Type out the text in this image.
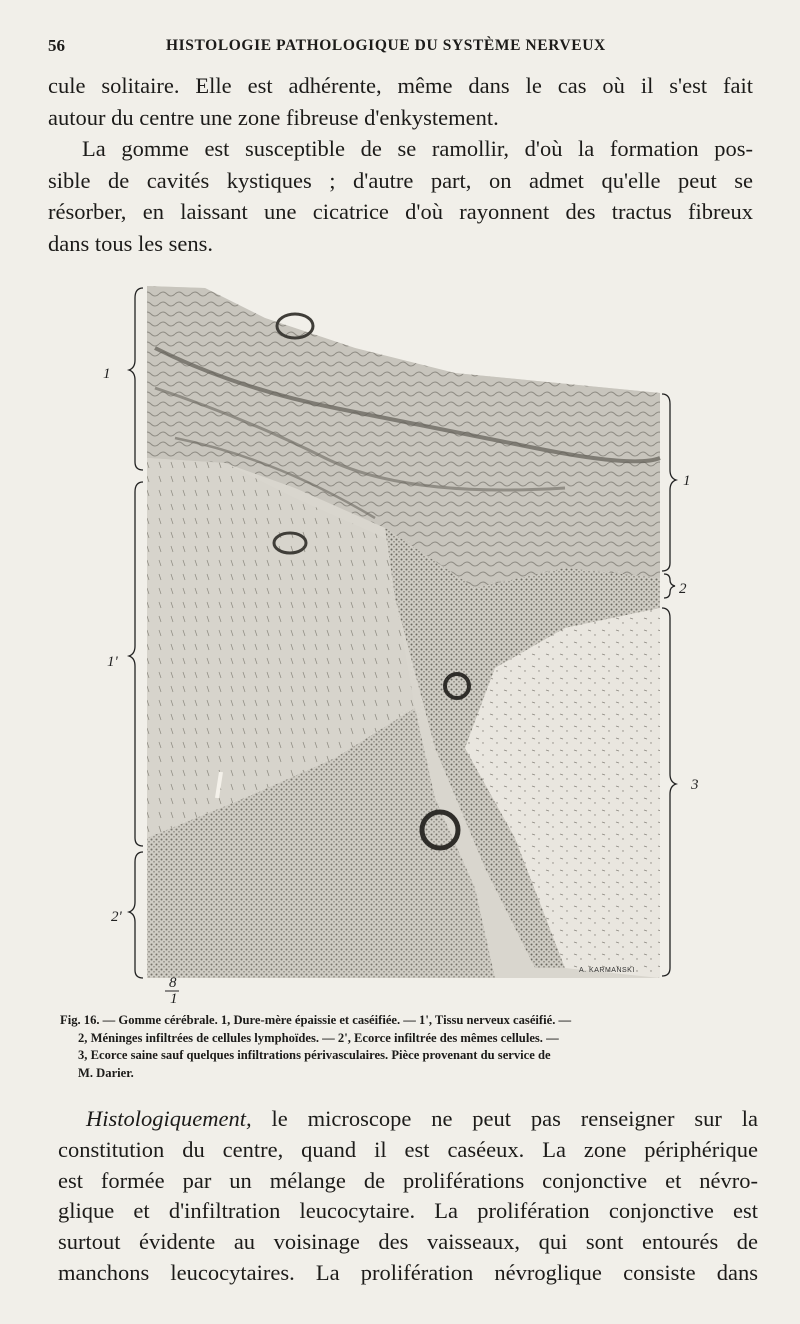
56	HISTOLOGIE PATHOLOGIQUE DU SYSTÈME NERVEUX
cule solitaire. Elle est adhérente, même dans le cas où il s'est fait
autour du centre une zone fibreuse d'enkystement.
La gomme est susceptible de se ramollir, d'où la formation pos-
sible de cavités kystiques ; d'autre part, on admet qu'elle peut se
résorber, en laissant une cicatrice d'où rayonnent des tractus fibreux
dans tous les sens.
1
1'
2'
1
2
3
8
1
A. KARMANSKI
Fig. 16. — Gomme cérébrale. 1, Dure-mère épaissie et caséifiée. — 1', Tissu nerveux caséifié. —
2, Méninges infiltrées de cellules lymphoïdes. — 2', Ecorce infiltrée des mêmes cellules. —
3, Ecorce saine sauf quelques infiltrations périvasculaires. Pièce provenant du service de
M. Darier.
Histologiquement, le microscope ne peut pas renseigner sur la
constitution du centre, quand il est caséeux. La zone périphérique
est formée par un mélange de proliférations conjonctive et névro-
glique et d'infiltration leucocytaire. La prolifération conjonctive est
surtout évidente au voisinage des vaisseaux, qui sont entourés de
manchons leucocytaires. La prolifération névroglique consiste dans
